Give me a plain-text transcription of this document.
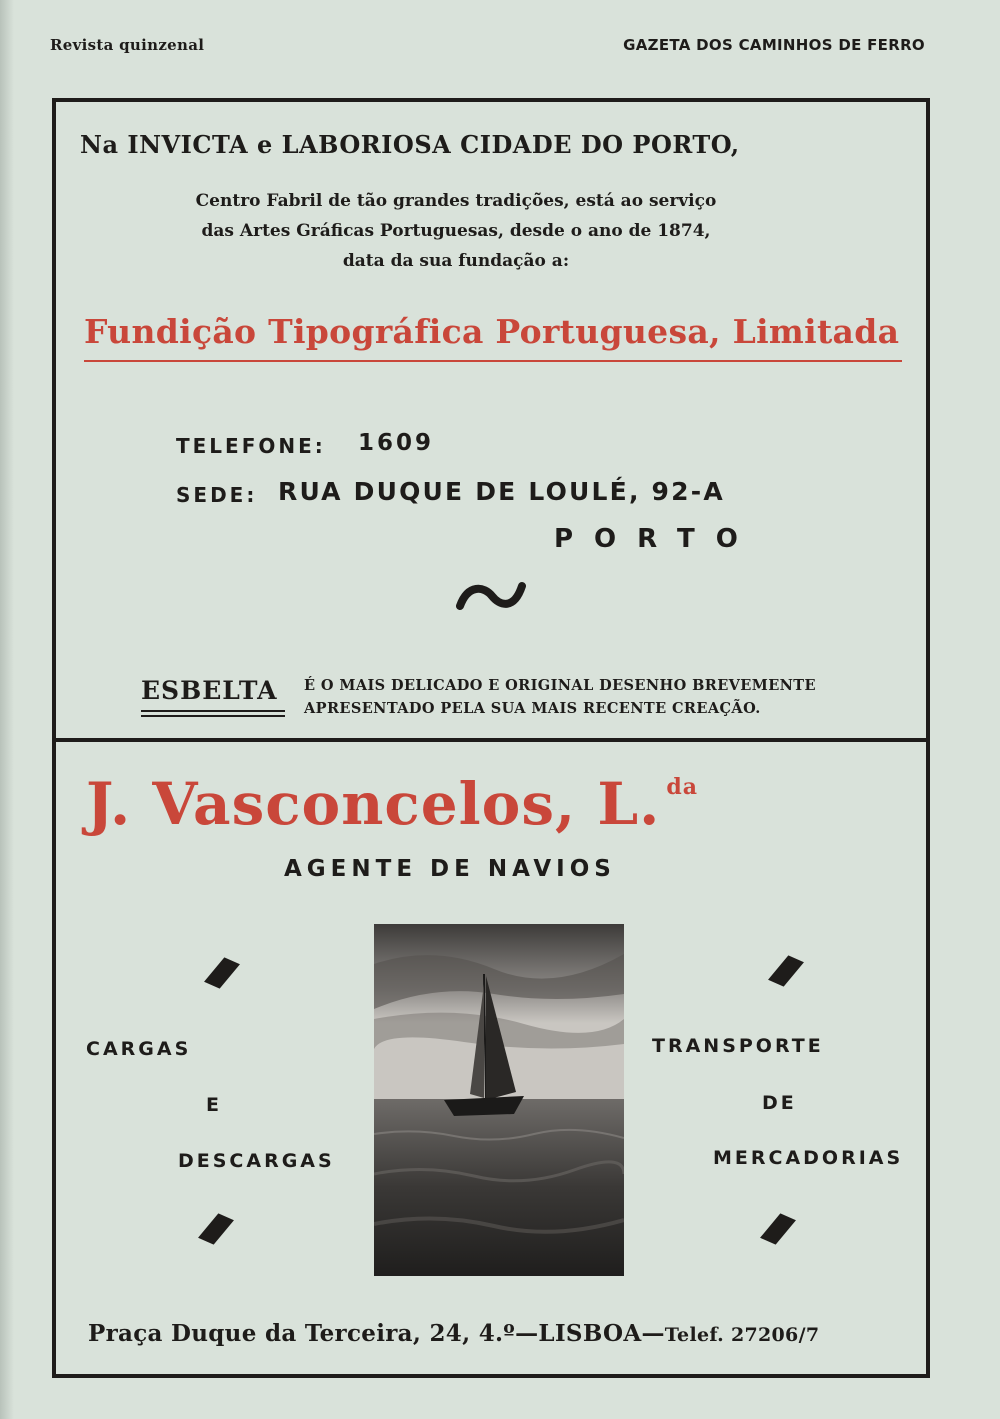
Revista quinzenal	GAZETA DOS CAMINHOS DE FERRO
Na INVICTA e LABORIOSA CIDADE DO PORTO,
Centro Fabril de tão grandes tradições, está ao serviço
das Artes Gráficas Portuguesas, desde o ano de 1874,
data da sua fundação a:
Fundição Tipográfica Portuguesa, Limitada
TELEFONE: 1609
SEDE: RUA DUQUE DE LOULÉ, 92-A
PORTO
ESBELTA É O MAIS DELICADO E ORIGINAL DESENHO BREVEMENTE
APRESENTADO PELA SUA MAIS RECENTE CREAÇÃO.
J. Vasconcelos, L. $^{da}$
AGENTE DE NAVIOS
CARGAS
E
DESCARGAS
TRANSPORTE
DE
MERCADORIAS
Praça Duque da Terceira, 24, 4.º—LISBOA—Telef. 27206/7
